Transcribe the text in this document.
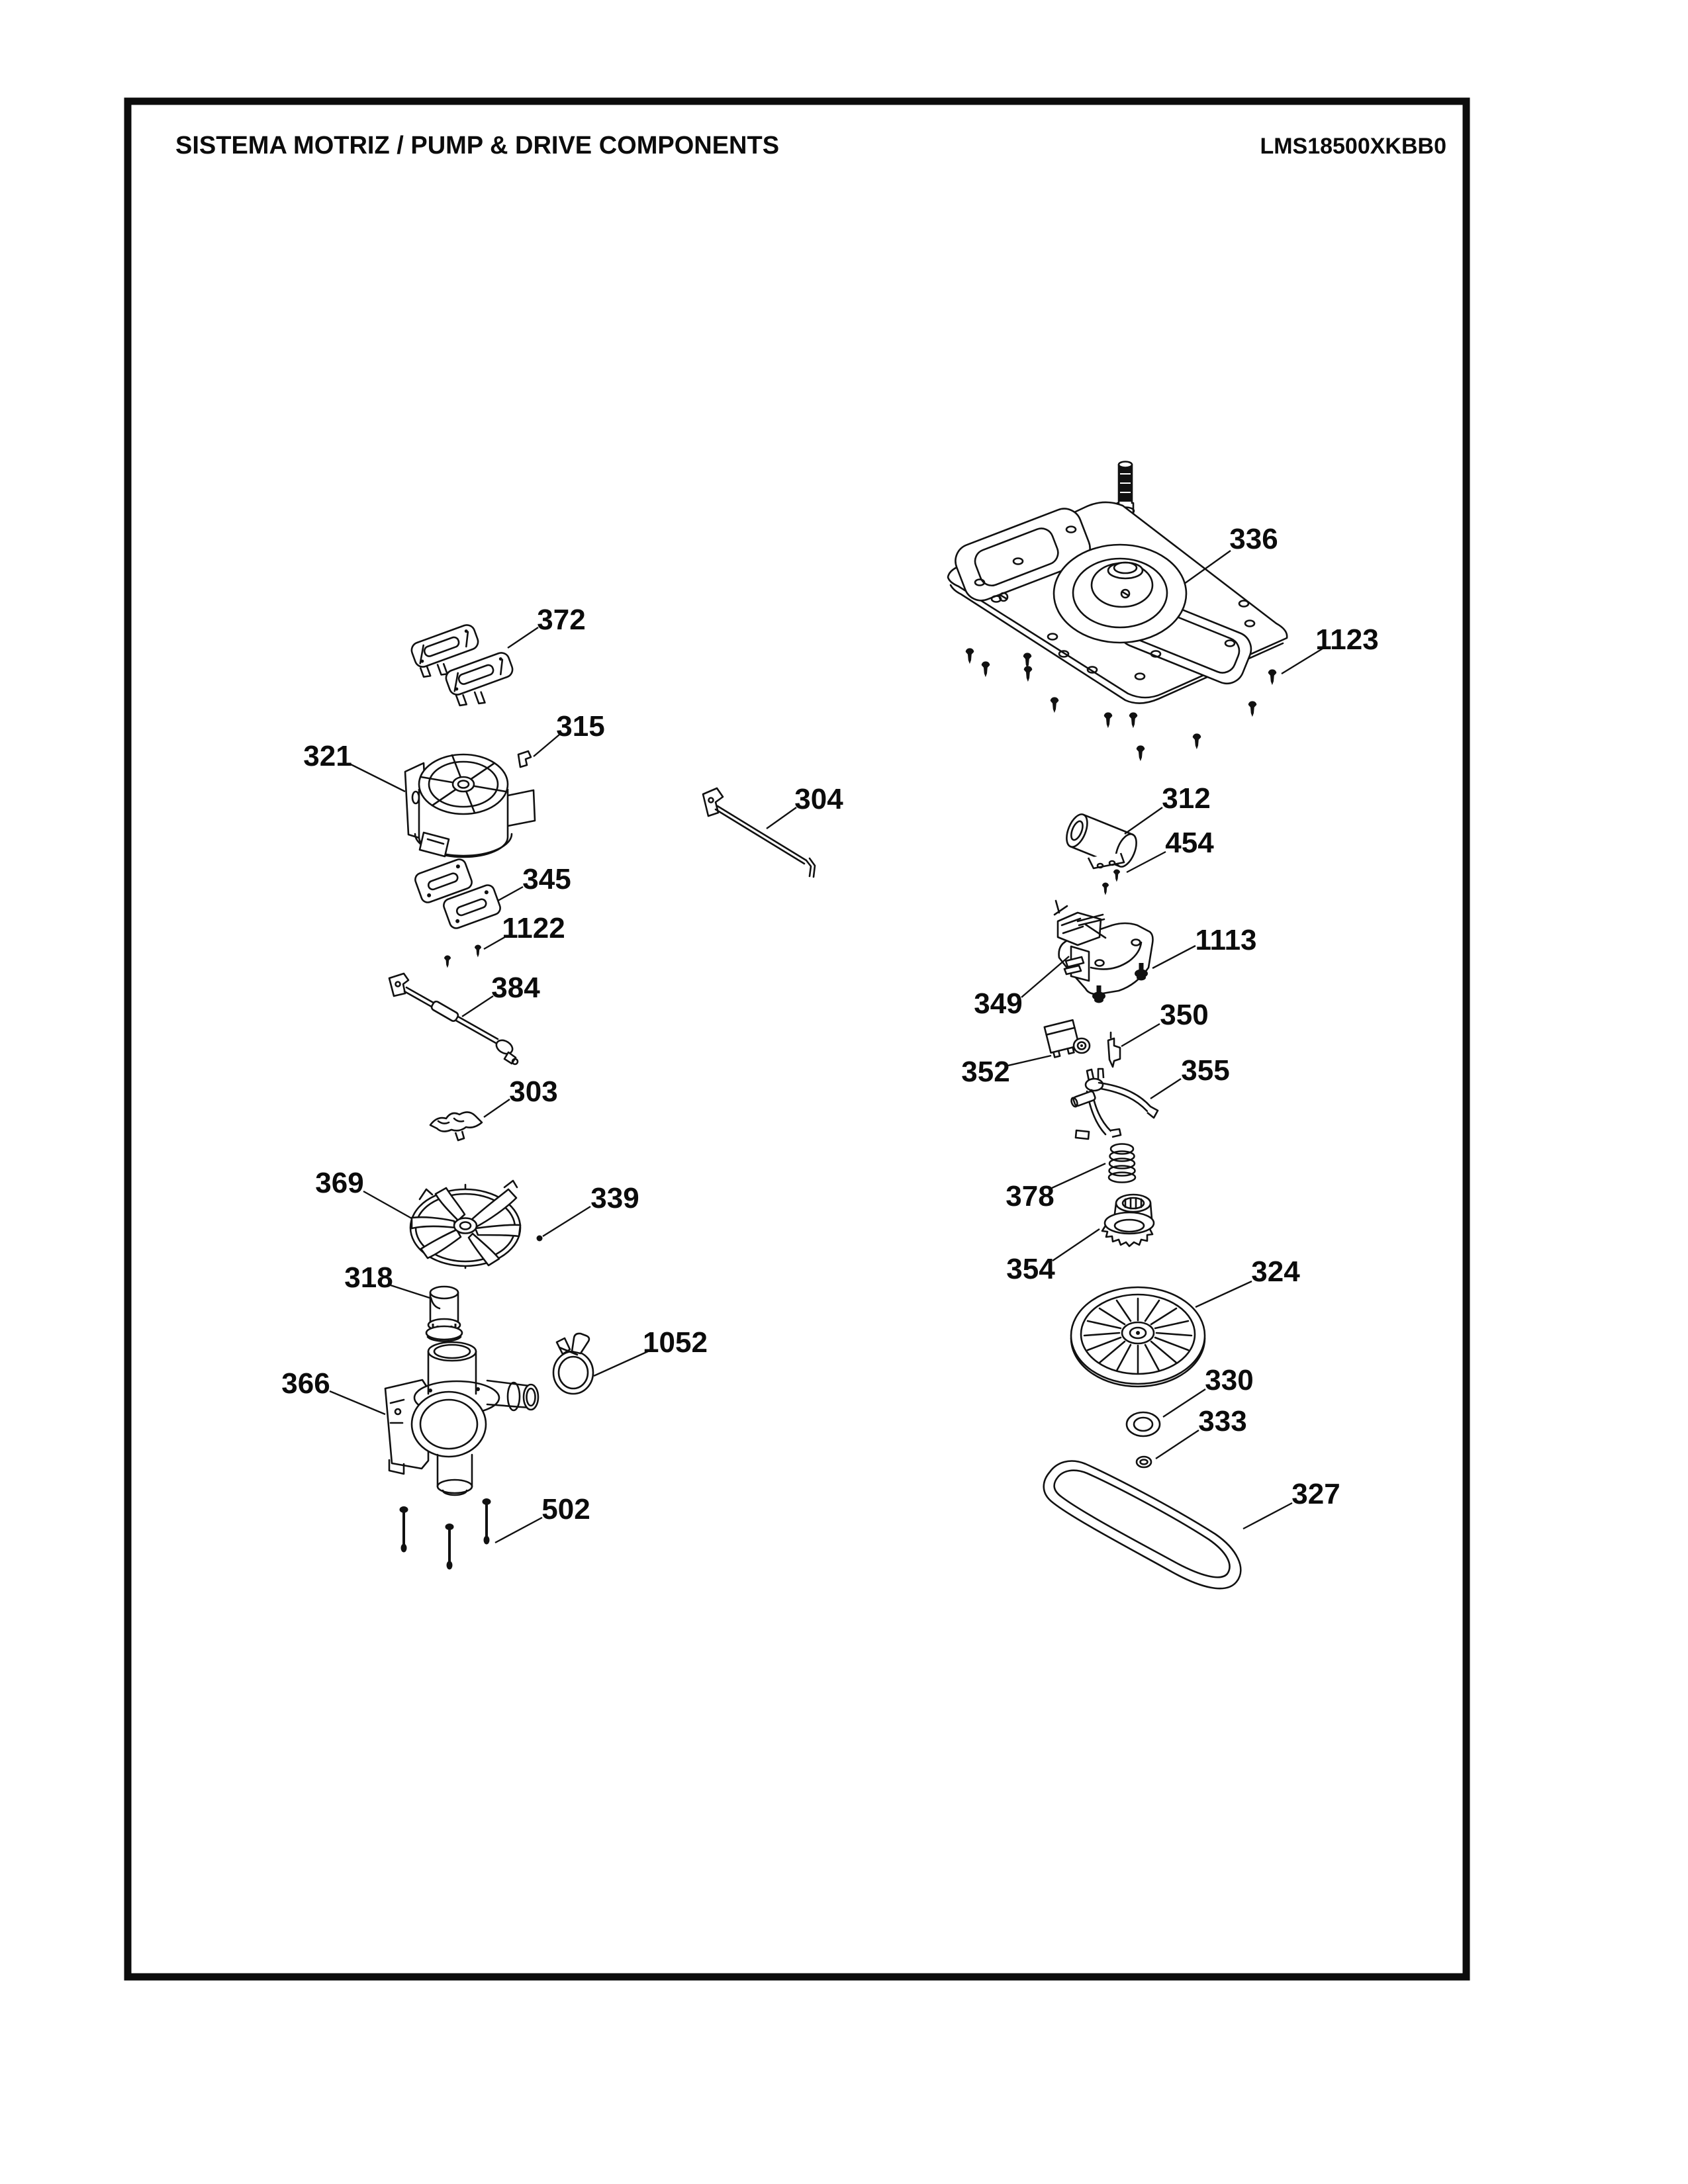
SISTEMA MOTRIZ / PUMP & DRIVE COMPONENTS	LMS18500XKBB0
372
315
321
345
1122
384
303
369	339
318
1052
366
502
304
336
1123
312
454
349
1113
350
352	355
378
354	324
330
333
327
